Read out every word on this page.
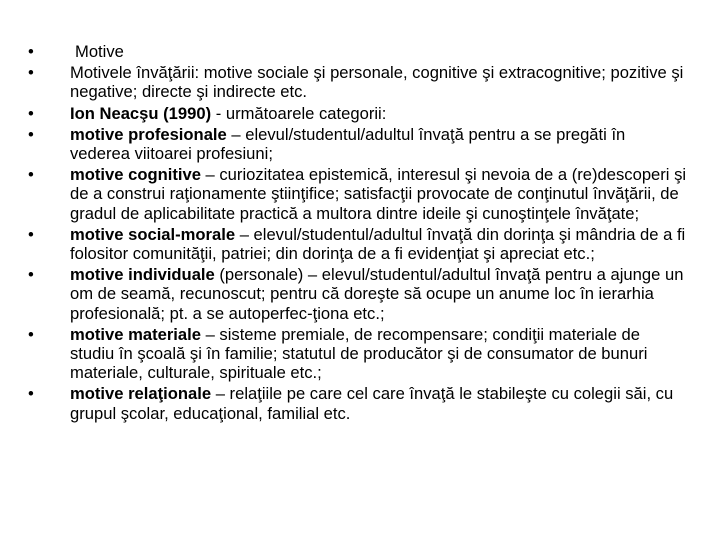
•	Motive
•	Motivele învăţării: motive sociale şi personale, cognitive şi extracognitive; pozitive şi negative; directe şi indirecte etc.
•	Ion Neacşu (1990) - următoarele categorii:
•	motive profesionale – elevul/studentul/adultul învaţă pentru a se pregăti în vederea viitoarei profesiuni;
•	motive cognitive – curiozitatea epistemică, interesul şi nevoia de a (re)descoperi şi de a construi raţionamente ştiinţifice; satisfacţii provocate de conţinutul învăţării, de gradul de aplicabilitate practică a multora dintre ideile şi cunoştinţele învăţate;
•	motive social-morale – elevul/studentul/adultul învaţă din dorinţa şi mândria de a fi folositor comunităţii, patriei; din dorinţa de a fi evidenţiat şi apreciat etc.;
•	motive individuale (personale) – elevul/studentul/adultul învaţă pentru a ajunge un om de seamă, recunoscut; pentru că doreşte să ocupe un anume loc în ierarhia profesională; pt. a se autoperfec-ţiona etc.;
•	motive materiale – sisteme premiale, de recompensare; condiţii materiale de studiu în şcoală şi în familie; statutul de producător şi de consumator de bunuri materiale, culturale, spirituale etc.;
•	motive relaţionale – relaţiile pe care cel care învaţă le stabileşte cu colegii săi, cu grupul şcolar, educaţional, familial etc.
